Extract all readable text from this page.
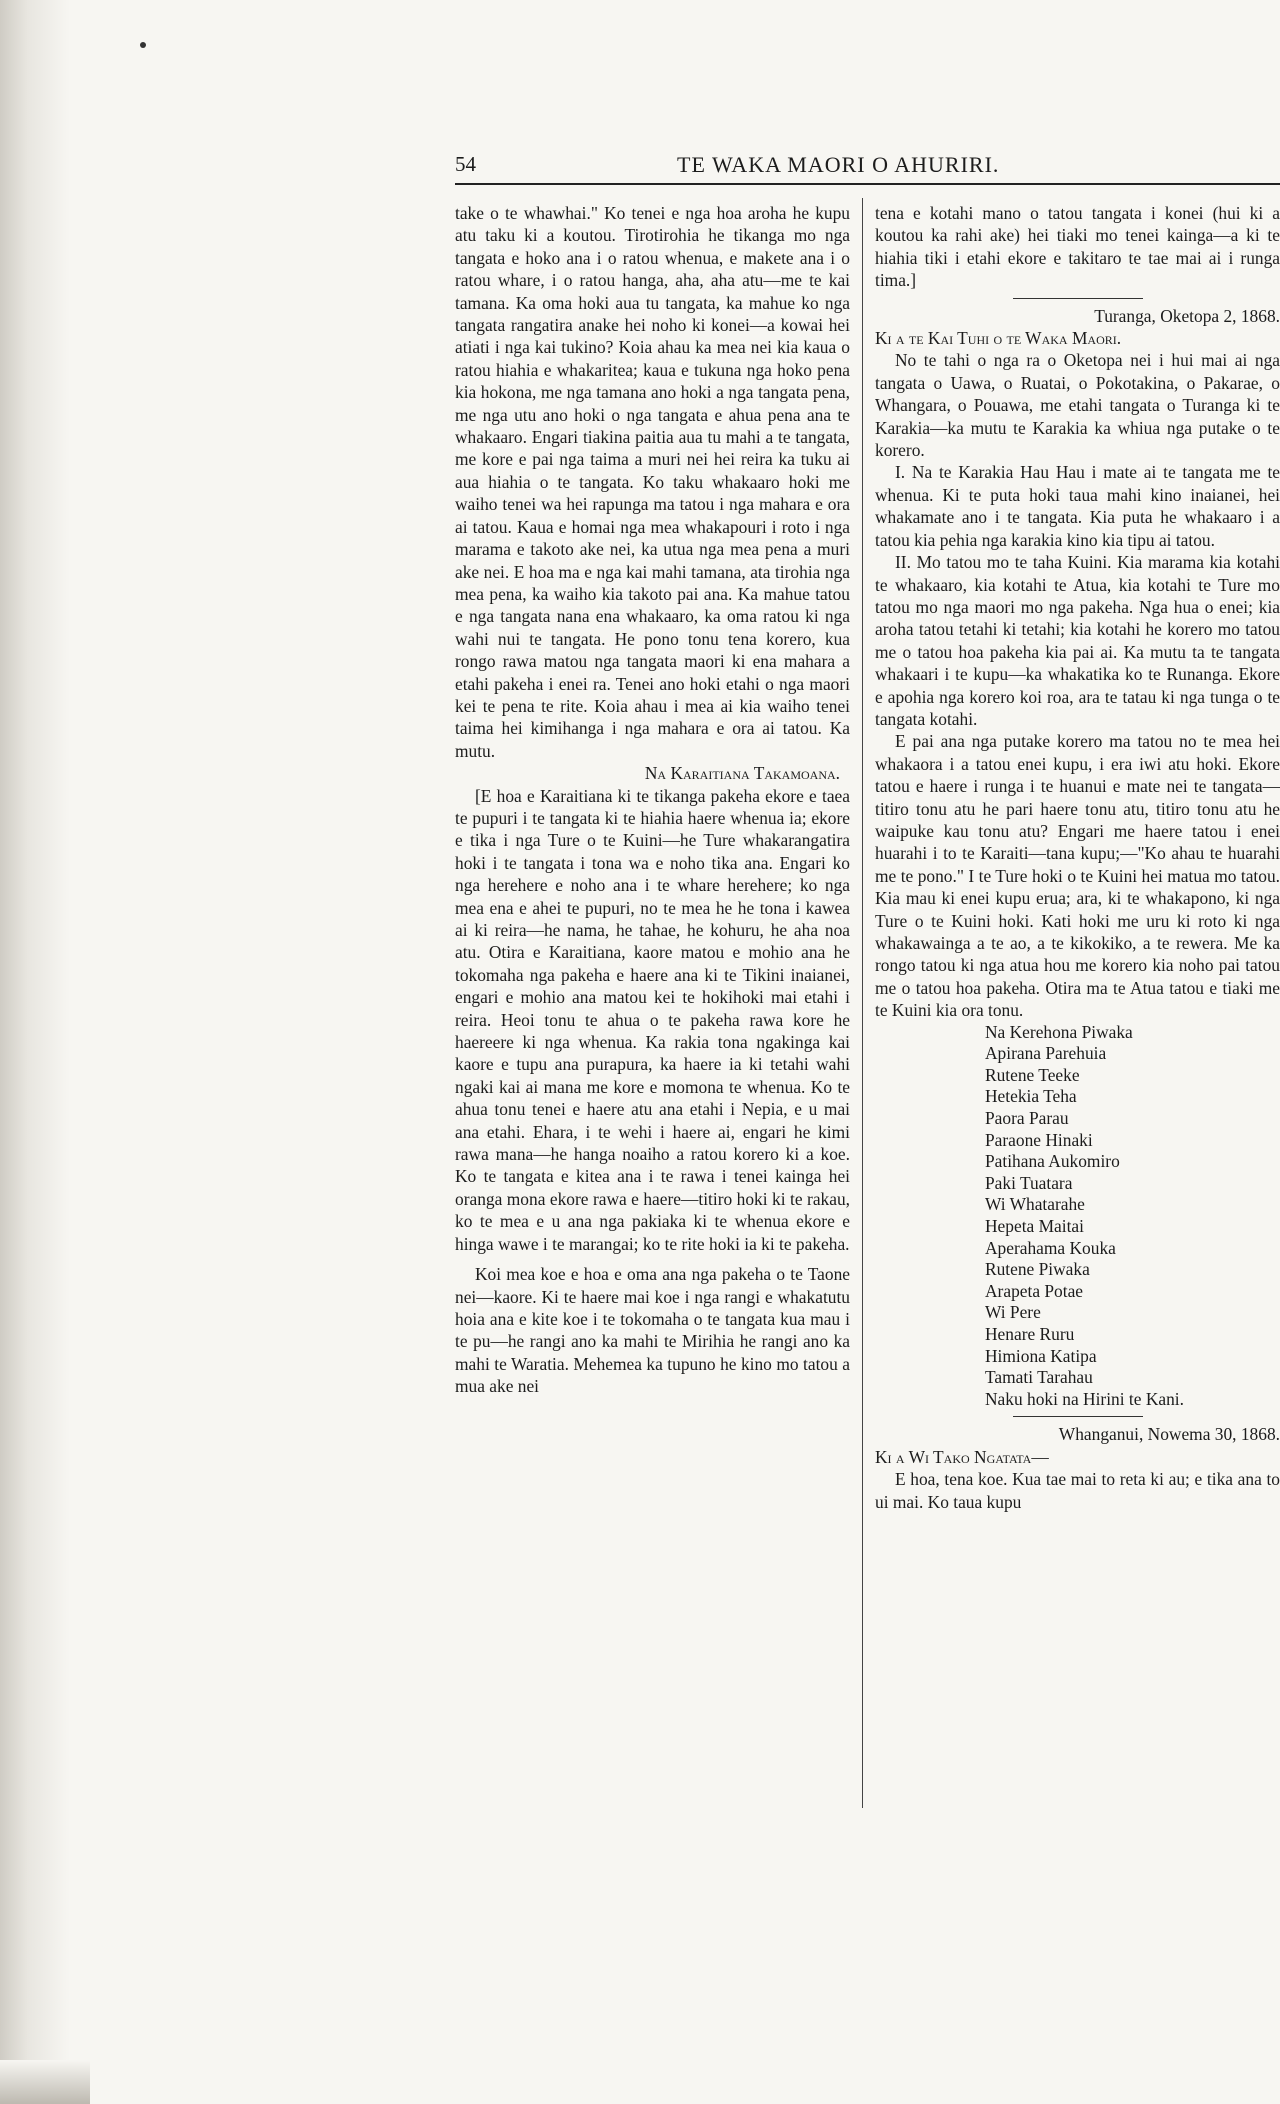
54	TE WAKA MAORI O AHURIRI.

take o te whawhai." Ko tenei e nga hoa aroha he kupu atu taku ki a koutou. Tirotirohia he tikanga mo nga tangata e hoko ana i o ratou whenua, e makete ana i o ratou whare, i o ratou hanga, aha, aha atu—me te kai tamana. Ka oma hoki aua tu tangata, ka mahue ko nga tangata rangatira anake hei noho ki konei—a kowai hei atiati i nga kai tukino? Koia ahau ka mea nei kia kaua o ratou hiahia e whakaritea; kaua e tukuna nga hoko pena kia hokona, me nga tamana ano hoki a nga tangata pena, me nga utu ano hoki o nga tangata e ahua pena ana te whakaaro. Engari tiakina paitia aua tu mahi a te tangata, me kore e pai nga taima a muri nei hei reira ka tuku ai aua hiahia o te tangata. Ko taku whakaaro hoki me waiho tenei wa hei rapunga ma tatou i nga mahara e ora ai tatou. Kaua e homai nga mea whakapouri i roto i nga marama e takoto ake nei, ka utua nga mea pena a muri ake nei. E hoa ma e nga kai mahi tamana, ata tirohia nga mea pena, ka waiho kia takoto pai ana. Ka mahue tatou e nga tangata nana ena whakaaro, ka oma ratou ki nga wahi nui te tangata. He pono tonu tena korero, kua rongo rawa matou nga tangata maori ki ena mahara a etahi pakeha i enei ra. Tenei ano hoki etahi o nga maori kei te pena te rite. Koia ahau i mea ai kia waiho tenei taima hei kimihanga i nga mahara e ora ai tatou. Ka mutu.

Na Karaitiana Takamoana.

[E hoa e Karaitiana ki te tikanga pakeha ekore e taea te pupuri i te tangata ki te hiahia haere whenua ia; ekore e tika i nga Ture o te Kuini—he Ture whakarangatira hoki i te tangata i tona wa e noho tika ana. Engari ko nga herehere e noho ana i te whare herehere; ko nga mea ena e ahei te pupuri, no te mea he he tona i kawea ai ki reira—he nama, he tahae, he kohuru, he aha noa atu. Otira e Karaitiana, kaore matou e mohio ana he tokomaha nga pakeha e haere ana ki te Tikini inaianei, engari e mohio ana matou kei te hokihoki mai etahi i reira. Heoi tonu te ahua o te pakeha rawa kore he haereere ki nga whenua. Ka rakia tona ngakinga kai kaore e tupu ana purapura, ka haere ia ki tetahi wahi ngaki kai ai mana me kore e momona te whenua. Ko te ahua tonu tenei e haere atu ana etahi i Nepia, e u mai ana etahi. Ehara, i te wehi i haere ai, engari he kimi rawa mana—he hanga noaiho a ratou korero ki a koe. Ko te tangata e kitea ana i te rawa i tenei kainga hei oranga mona ekore rawa e haere—titiro hoki ki te rakau, ko te mea e u ana nga pakiaka ki te whenua ekore e hinga wawe i te marangai; ko te rite hoki ia ki te pakeha.

Koi mea koe e hoa e oma ana nga pakeha o te Taone nei—kaore. Ki te haere mai koe i nga rangi e whakatutu hoia ana e kite koe i te tokomaha o te tangata kua mau i te pu—he rangi ano ka mahi te Mirihia he rangi ano ka mahi te Waratia. Mehemea ka tupuno he kino mo tatou a mua ake nei

tena e kotahi mano o tatou tangata i konei (hui ki a koutou ka rahi ake) hei tiaki mo tenei kainga—a ki te hiahia tiki i etahi ekore e takitaro te tae mai ai i runga tima.]

Turanga, Oketopa 2, 1868.

Ki a te Kai Tuhi o te Waka Maori.

No te tahi o nga ra o Oketopa nei i hui mai ai nga tangata o Uawa, o Ruatai, o Pokotakina, o Pakarae, o Whangara, o Pouawa, me etahi tangata o Turanga ki te Karakia—ka mutu te Karakia ka whiua nga putake o te korero.

I. Na te Karakia Hau Hau i mate ai te tangata me te whenua. Ki te puta hoki taua mahi kino inaianei, hei whakamate ano i te tangata. Kia puta he whakaaro i a tatou kia pehia nga karakia kino kia tipu ai tatou.

II. Mo tatou mo te taha Kuini. Kia marama kia kotahi te whakaaro, kia kotahi te Atua, kia kotahi te Ture mo tatou mo nga maori mo nga pakeha. Nga hua o enei; kia aroha tatou tetahi ki tetahi; kia kotahi he korero mo tatou me o tatou hoa pakeha kia pai ai. Ka mutu ta te tangata whakaari i te kupu—ka whakatika ko te Runanga. Ekore e apohia nga korero koi roa, ara te tatau ki nga tunga o te tangata kotahi.

E pai ana nga putake korero ma tatou no te mea hei whakaora i a tatou enei kupu, i era iwi atu hoki. Ekore tatou e haere i runga i te huanui e mate nei te tangata—titiro tonu atu he pari haere tonu atu, titiro tonu atu he waipuke kau tonu atu? Engari me haere tatou i enei huarahi i to te Karaiti—tana kupu;—"Ko ahau te huarahi me te pono." I te Ture hoki o te Kuini hei matua mo tatou. Kia mau ki enei kupu erua; ara, ki te whakapono, ki nga Ture o te Kuini hoki. Kati hoki me uru ki roto ki nga whakawainga a te ao, a te kikokiko, a te rewera. Me ka rongo tatou ki nga atua hou me korero kia noho pai tatou me o tatou hoa pakeha. Otira ma te Atua tatou e tiaki me te Kuini kia ora tonu.

Na Kerehona Piwaka
Apirana Parehuia
Rutene Teeke
Hetekia Teha
Paora Parau
Paraone Hinaki
Patihana Aukomiro
Paki Tuatara
Wi Whatarahe
Hepeta Maitai
Aperahama Kouka
Rutene Piwaka
Arapeta Potae
Wi Pere
Henare Ruru
Himiona Katipa
Tamati Tarahau
Naku hoki na Hirini te Kani.

Whanganui, Nowema 30, 1868.

Ki a Wi Tako Ngatata—

E hoa, tena koe. Kua tae mai to reta ki au; e tika ana to ui mai. Ko taua kupu
